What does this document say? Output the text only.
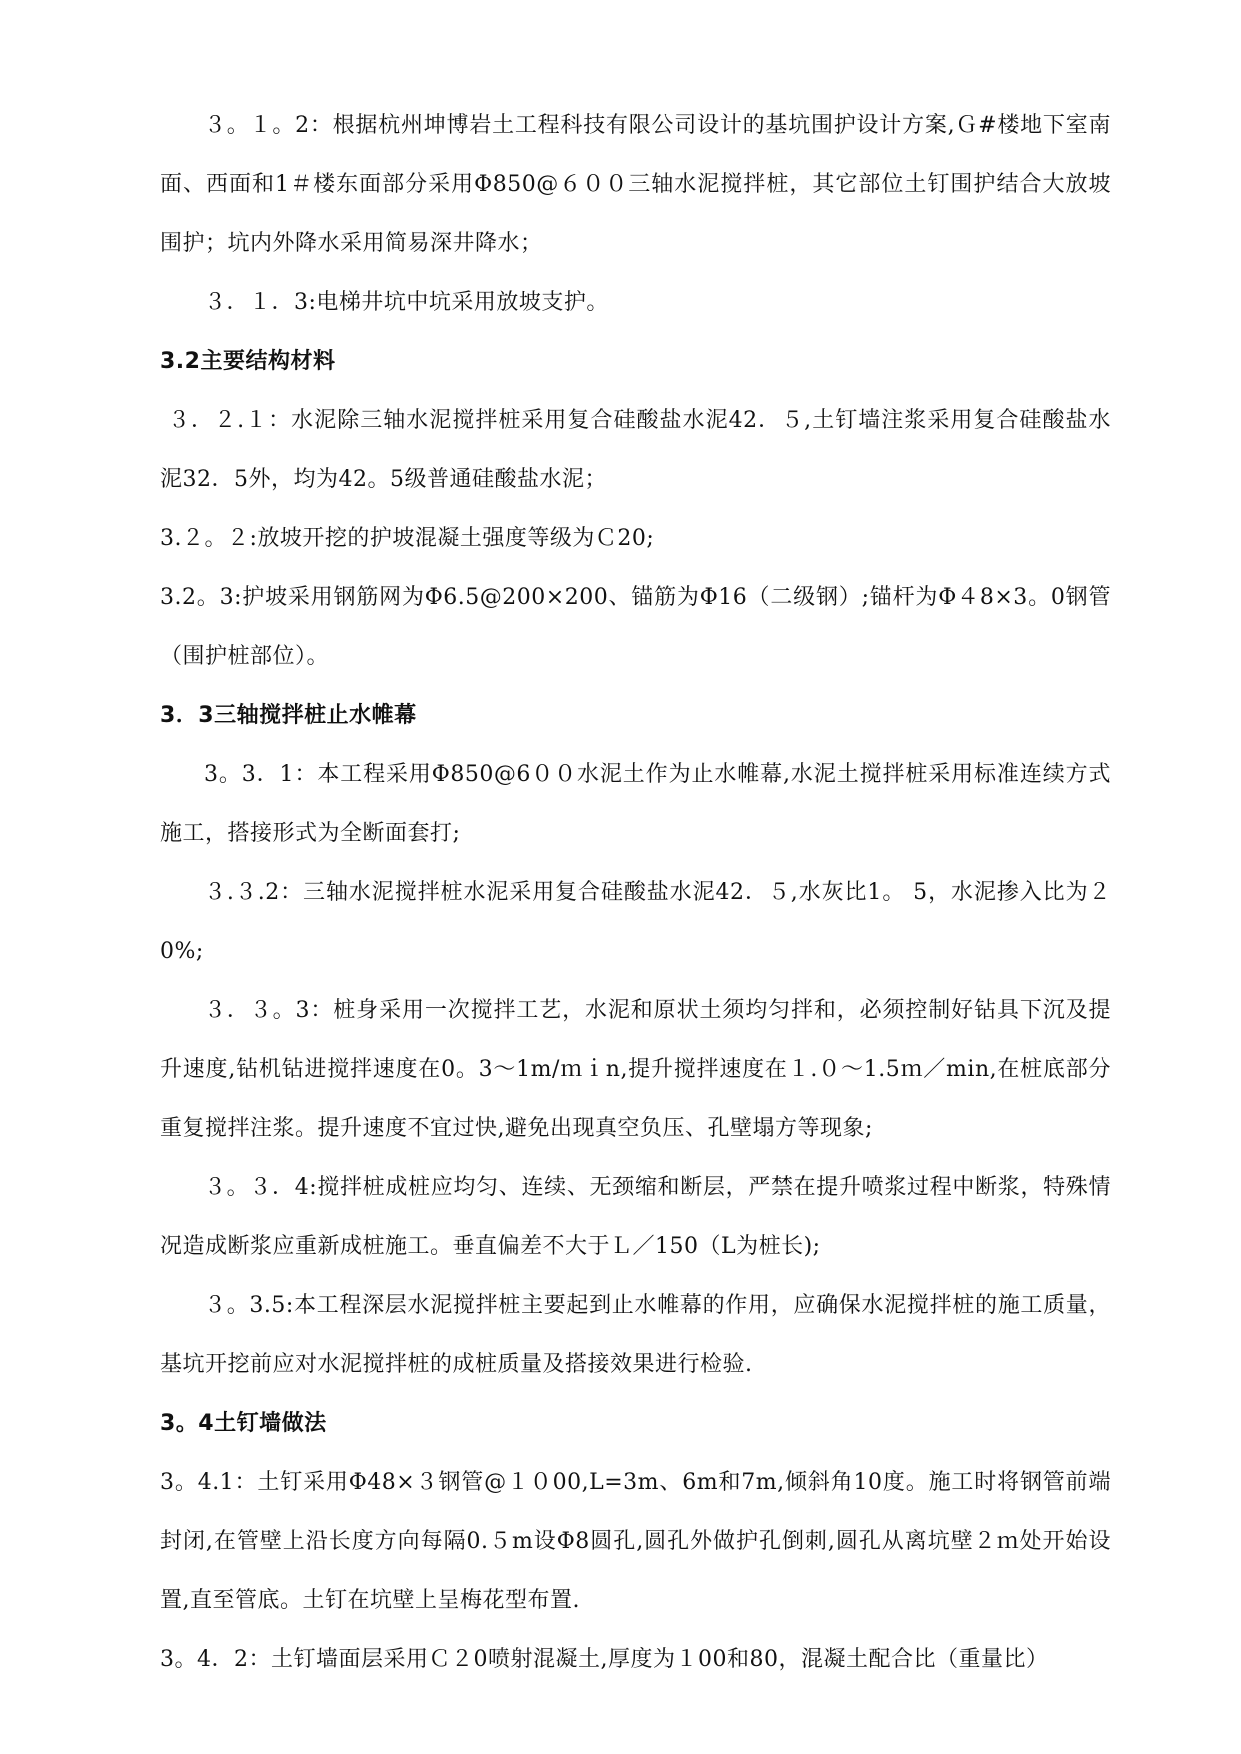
３。１。2：根据杭州坤博岩土工程科技有限公司设计的基坑围护设计方案,Ｇ#楼地下室南面、西面和1＃楼东面部分采用Φ850@６００三轴水泥搅拌桩，其它部位土钉围护结合大放坡围护；坑内外降水采用简易深井降水；

３．１．3:电梯井坑中坑采用放坡支护。

3.2主要结构材料

３．２.１：水泥除三轴水泥搅拌桩采用复合硅酸盐水泥42．５,土钉墙注浆采用复合硅酸盐水泥32．5外，均为42。5级普通硅酸盐水泥；

3.２。２:放坡开挖的护坡混凝土强度等级为Ｃ20;

3.2。3:护坡采用钢筋网为Φ6.5@200×200、锚筋为Φ16（二级钢）;锚杆为Φ４8×3。0钢管（围护桩部位）。

3．3三轴搅拌桩止水帷幕

3。3．1：本工程采用Φ850@6００水泥土作为止水帷幕,水泥土搅拌桩采用标准连续方式施工，搭接形式为全断面套打;

３.３.2：三轴水泥搅拌桩水泥采用复合硅酸盐水泥42．５,水灰比1。 5，水泥掺入比为２0%;

３．３。3：桩身采用一次搅拌工艺，水泥和原状土须均匀拌和，必须控制好钻具下沉及提升速度,钻机钻进搅拌速度在0。3～1m/ｍｉn,提升搅拌速度在１.０～1.5ｍ／min,在桩底部分重复搅拌注浆。提升速度不宜过快,避免出现真空负压、孔壁塌方等现象;

３。３．4:搅拌桩成桩应均匀、连续、无颈缩和断层，严禁在提升喷浆过程中断浆，特殊情况造成断浆应重新成桩施工。垂直偏差不大于Ｌ／150（L为桩长);

３。3.5:本工程深层水泥搅拌桩主要起到止水帷幕的作用，应确保水泥搅拌桩的施工质量，基坑开挖前应对水泥搅拌桩的成桩质量及搭接效果进行检验.

3。4土钉墙做法

3。4.1：土钉采用Φ48×３钢管@１０00,L=3m、6m和7m,倾斜角10度。施工时将钢管前端封闭,在管壁上沿长度方向每隔0.５m设Φ8圆孔,圆孔外做护孔倒刺,圆孔从离坑壁２ｍ处开始设置,直至管底。土钉在坑壁上呈梅花型布置.

3。4．2：土钉墙面层采用Ｃ２0喷射混凝土,厚度为１00和80，混凝土配合比（重量比）
